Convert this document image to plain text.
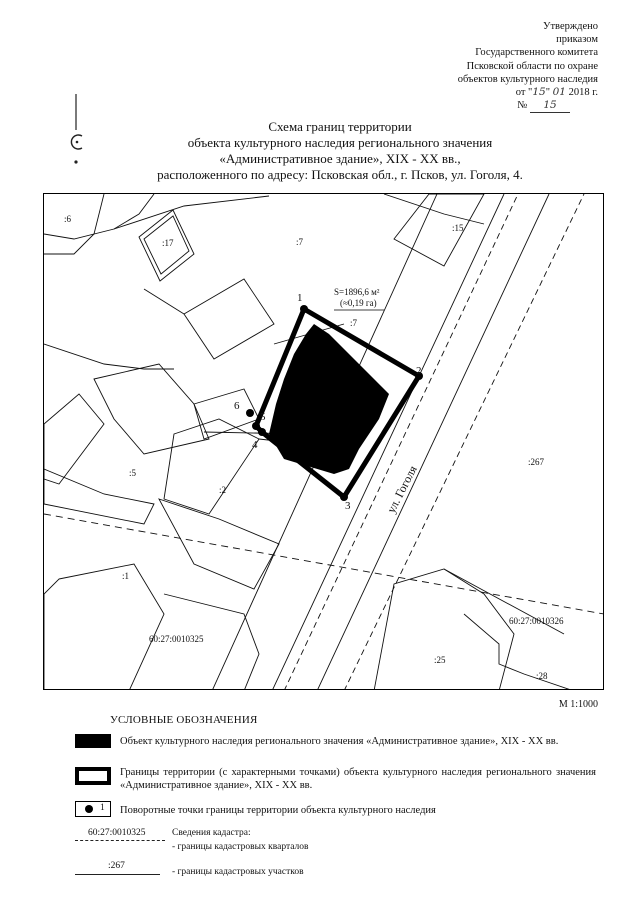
Утверждено
приказом
Государственного комитета
Псковской области по охране
объектов культурного наследия
от "15" 01 2018 г.
№ 15
Схема границ территории
объекта культурного наследия регионального значения
«Административное здание», XIX - XX вв.,
расположенного по адресу: Псковская обл., г. Псков, ул. Гоголя, 4.
:6
:17	:7
:15
:7
:5
:2
:1
:267
:25
:28
S=1896,6 м²
(≈0,19 га)
1
2
3
4
5
6
60:27:0010325
60:27:0010326
ул. Гоголя
М 1:1000
УСЛОВНЫЕ ОБОЗНАЧЕНИЯ
Объект культурного наследия регионального значения «Административное здание», XIX - XX вв.
Границы территории (с характерными точками) объекта культурного наследия регионального значения «Административное здание», XIX - XX вв.
1 Поворотные точки границы территории объекта культурного наследия
60:27:0010325	Сведения кадастра:
- границы кадастровых кварталов
:267
- границы кадастровых участков
